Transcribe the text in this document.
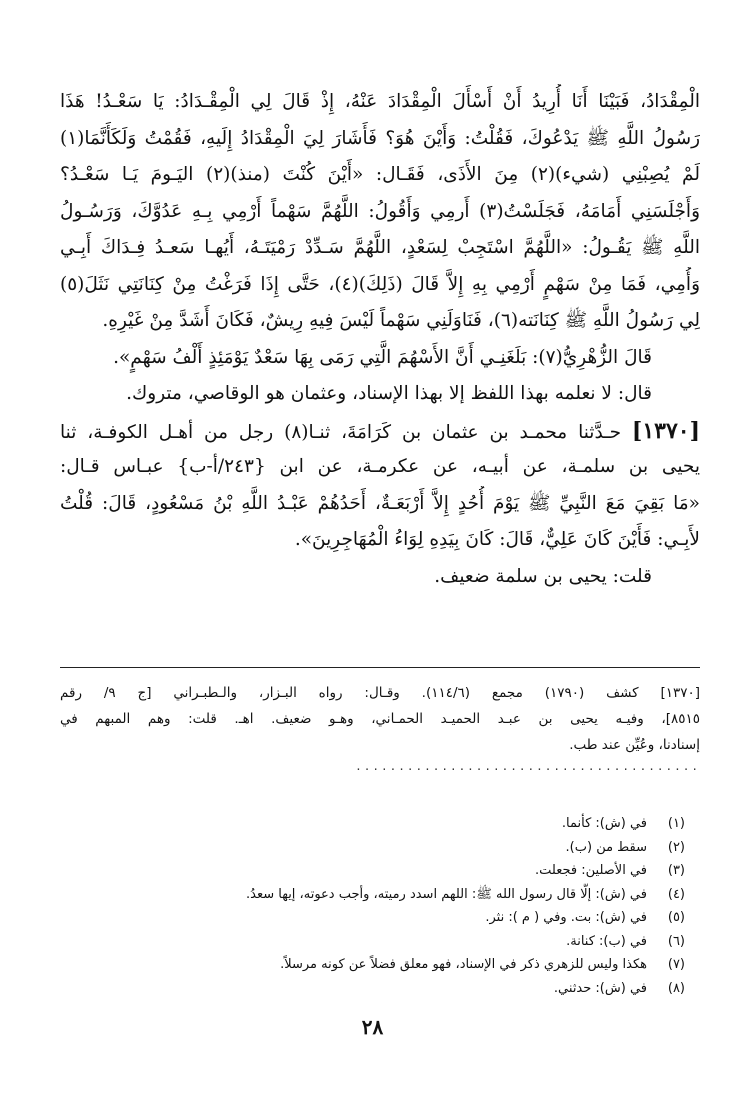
الْمِقْدَادُ، فَبَيْنَا أَنَا أُرِيدُ أَنْ أَسْأَلَ الْمِقْدَادَ عَنْهُ، إِذْ قَالَ لِي الْمِقْـدَادُ: يَا سَعْـدُ! هَذَا
رَسُولُ اللَّهِ ﷺ يَدْعُوكَ، فَقُلْتُ: وَأَيْنَ هُوَ؟ فَأَشَارَ لِيَ الْمِقْدَادُ إِلَيهِ، فَقُمْتُ وَلَكَأَنَّمَا(١)
لَمْ يُصِبْنِي (شيء)(٢) مِنَ الأَذَى، فَقَـال: «أَيْنَ كُنْتَ (منذ)(٢) اليَـومَ يَـا سَعْـدُ؟
وَأَجْلَسَنِي أَمَامَهُ، فَجَلَسْتُ(٣) أَرمِي وَأَقُولُ: اللَّهُمَّ سَهْماً أَرْمِي بِـهِ عَدُوَّكَ، وَرَسُـولُ
اللَّهِ ﷺ يَقُـولُ: «اللَّهُمَّ اسْتَجِبْ لِسَعْدٍ، اللَّهُمَّ سَـدِّدْ رَمْيَتَـهُ، أَيُهـا سَعـدُ فِـدَاكَ أَبِـي
وَأُمِي، فَمَا مِنْ سَهْمٍ أَرْمِي بِهِ إِلاَّ قَالَ (ذَلِكَ)(٤)، حَتَّى إِذَا فَرَغْتُ مِنْ كِنَانَتِي نَثَلَ(٥)
لِي رَسُولُ اللَّهِ ﷺ كِنَانَته(٦)، فَنَاوَلَنِي سَهْماً لَيْسَ فِيهِ رِيشٌ، فَكَانَ أَشَدَّ مِنْ غَيْرِهِ.
قَالَ الزُّهْرِيُّ(٧): بَلَغَنِـي أَنَّ الأَسْهُمَ الَّتِي رَمَى بِهَا سَعْدٌ يَوْمَئِذٍ أَلْفُ سَهْمٍ».
قال: لا نعلمه بهذا اللفظ إلا بهذا الإسناد، وعثمان هو الوقاصي، متروك.
[١٣٧٠] حـدَّثنا محمـد بن عثمان بن كَرَامَةَ، ثنـا(٨) رجل من أهـل الكوفـة، ثنا
يحيى بن سلمـة، عن أبيـه، عن عكرمـة، عن ابن {٢٤٣/أ-ب} عبـاس قـال:
«مَا بَقِيَ مَعَ النَّبِيِّ ﷺ يَوْمَ أُحُدٍ إِلاَّ أَرْبَعَـةٌ، أَحَدُهُمْ عَبْـدُ اللَّهِ بْنُ مَسْعُودٍ، قَالَ: قُلْتُ
لأَبِـي: فَأَيْنَ كَانَ عَلِيٌّ، قَالَ: كَانَ بِيَدِهِ لِوَاءُ الْمُهَاجِرِينَ».
قلت: يحيى بن سلمة ضعيف.
[١٣٧٠] كشف (١٧٩٠) مجمع (١١٤/٦). وقـال: رواه البـزار، والـطبـراني [ج ٩/ رقم
٨٥١٥]، وفيـه يحيى بن عبـد الحميـد الحمـاني، وهـو ضعيف. اهـ. قلت: وهم المبهم في
إسنادنا، وعُيِّن عند طب.
........................................
(١)في (ش): كأنما.
(٢)سقط من (ب).
(٣)في الأصلين: فجعلت.
(٤)في (ش): إلَّا قال رسول الله ﷺ: اللهم اسدد رميته، وأجب دعوته، إيها سعدُ.
(٥)في (ش): بت. وفي ( م ): نثر.
(٦)في (ب): كنانة.
(٧)هكذا وليس للزهري ذكر في الإسناد، فهو معلق فضلاً عن كونه مرسلاً.
(٨)في (ش): حدثني.
٢٨
